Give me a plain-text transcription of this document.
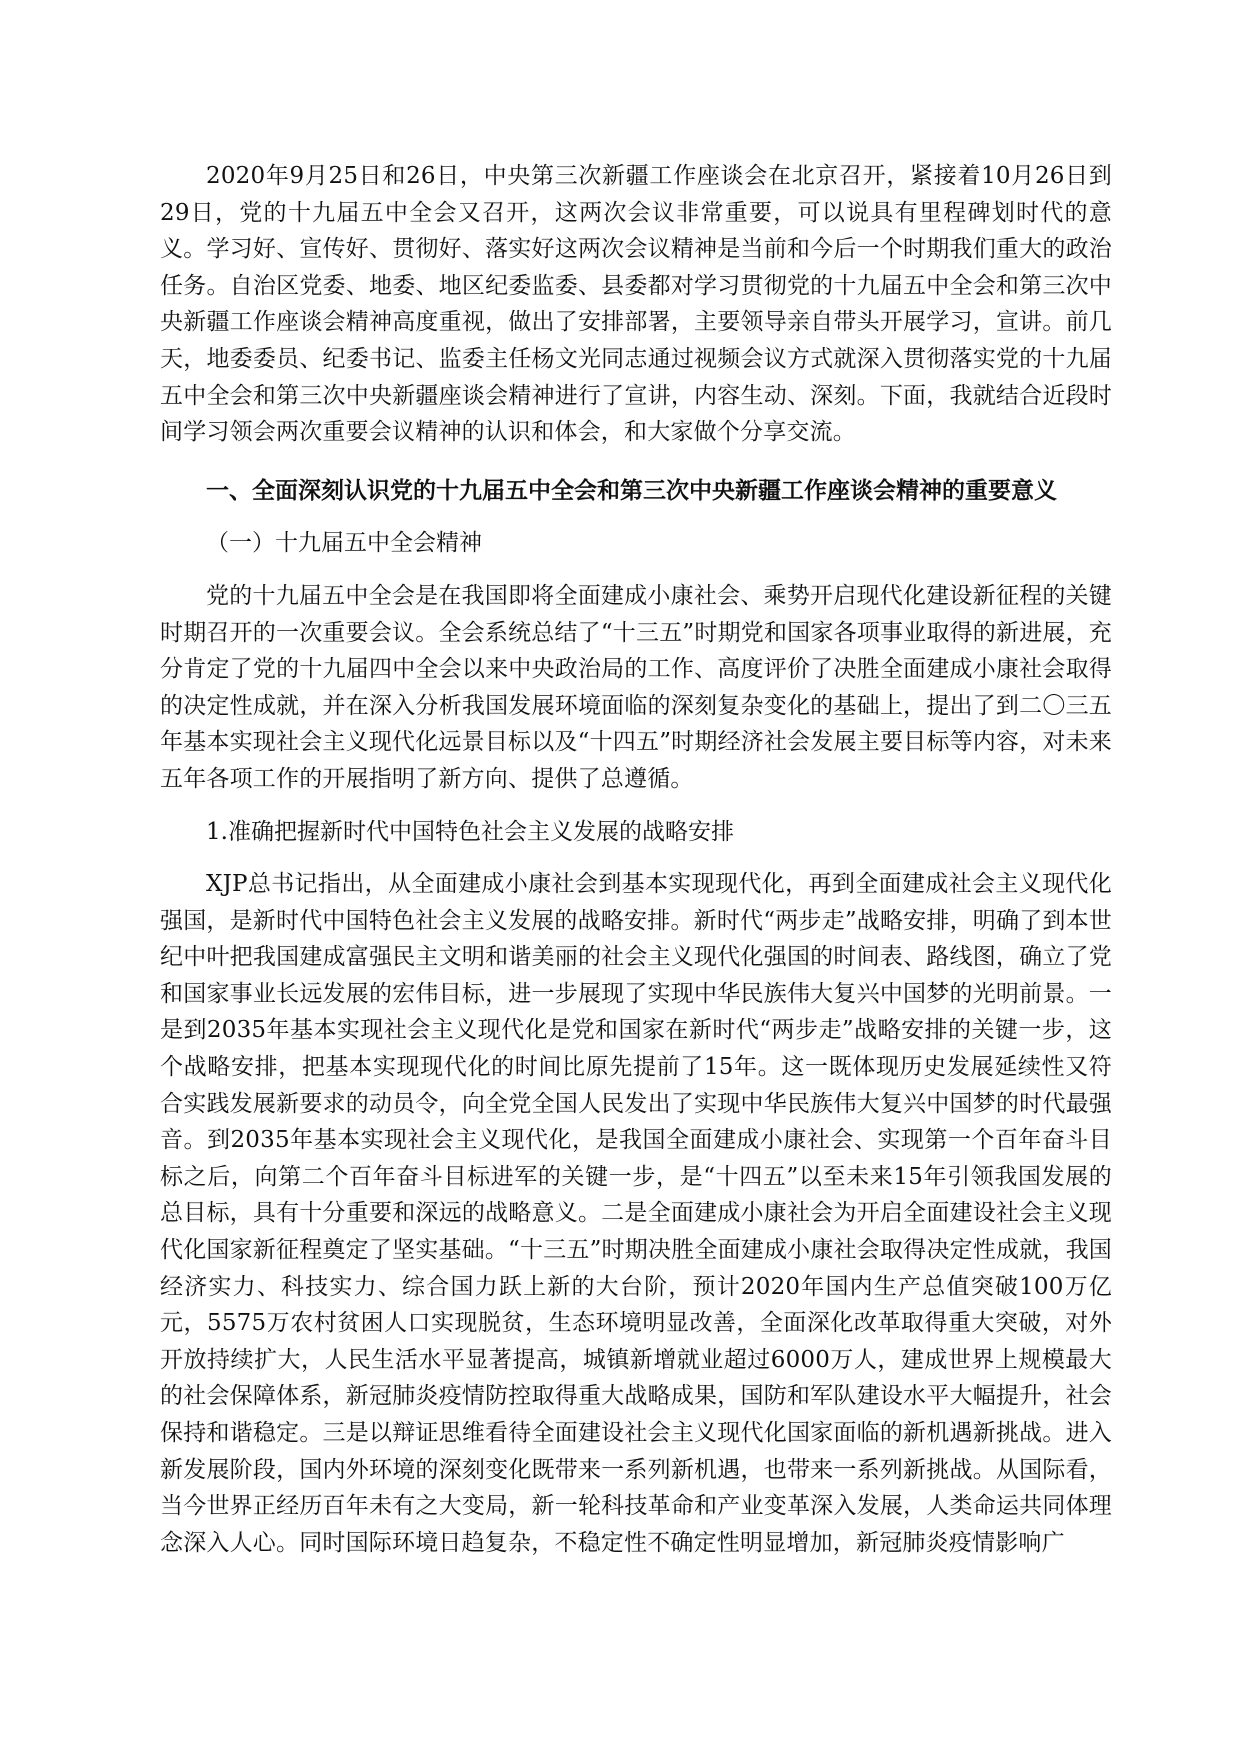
2020年9月25日和26日，中央第三次新疆工作座谈会在北京召开，紧接着10月26日到29日，党的十九届五中全会又召开，这两次会议非常重要，可以说具有里程碑划时代的意义。学习好、宣传好、贯彻好、落实好这两次会议精神是当前和今后一个时期我们重大的政治任务。自治区党委、地委、地区纪委监委、县委都对学习贯彻党的十九届五中全会和第三次中央新疆工作座谈会精神高度重视，做出了安排部署，主要领导亲自带头开展学习，宣讲。前几天，地委委员、纪委书记、监委主任杨文光同志通过视频会议方式就深入贯彻落实党的十九届五中全会和第三次中央新疆座谈会精神进行了宣讲，内容生动、深刻。下面，我就结合近段时间学习领会两次重要会议精神的认识和体会，和大家做个分享交流。

一、全面深刻认识党的十九届五中全会和第三次中央新疆工作座谈会精神的重要意义

（一）十九届五中全会精神

党的十九届五中全会是在我国即将全面建成小康社会、乘势开启现代化建设新征程的关键时期召开的一次重要会议。全会系统总结了“十三五”时期党和国家各项事业取得的新进展，充分肯定了党的十九届四中全会以来中央政治局的工作、高度评价了决胜全面建成小康社会取得的决定性成就，并在深入分析我国发展环境面临的深刻复杂变化的基础上，提出了到二〇三五年基本实现社会主义现代化远景目标以及“十四五”时期经济社会发展主要目标等内容，对未来五年各项工作的开展指明了新方向、提供了总遵循。

1.准确把握新时代中国特色社会主义发展的战略安排

XJP总书记指出，从全面建成小康社会到基本实现现代化，再到全面建成社会主义现代化强国，是新时代中国特色社会主义发展的战略安排。新时代“两步走”战略安排，明确了到本世纪中叶把我国建成富强民主文明和谐美丽的社会主义现代化强国的时间表、路线图，确立了党和国家事业长远发展的宏伟目标，进一步展现了实现中华民族伟大复兴中国梦的光明前景。一是到2035年基本实现社会主义现代化是党和国家在新时代“两步走”战略安排的关键一步，这个战略安排，把基本实现现代化的时间比原先提前了15年。这一既体现历史发展延续性又符合实践发展新要求的动员令，向全党全国人民发出了实现中华民族伟大复兴中国梦的时代最强音。到2035年基本实现社会主义现代化，是我国全面建成小康社会、实现第一个百年奋斗目标之后，向第二个百年奋斗目标进军的关键一步，是“十四五”以至未来15年引领我国发展的总目标，具有十分重要和深远的战略意义。二是全面建成小康社会为开启全面建设社会主义现代化国家新征程奠定了坚实基础。“十三五”时期决胜全面建成小康社会取得决定性成就，我国经济实力、科技实力、综合国力跃上新的大台阶，预计2020年国内生产总值突破100万亿元，5575万农村贫困人口实现脱贫，生态环境明显改善，全面深化改革取得重大突破，对外开放持续扩大，人民生活水平显著提高，城镇新增就业超过6000万人，建成世界上规模最大的社会保障体系，新冠肺炎疫情防控取得重大战略成果，国防和军队建设水平大幅提升，社会保持和谐稳定。三是以辩证思维看待全面建设社会主义现代化国家面临的新机遇新挑战。进入新发展阶段，国内外环境的深刻变化既带来一系列新机遇，也带来一系列新挑战。从国际看，当今世界正经历百年未有之大变局，新一轮科技革命和产业变革深入发展，人类命运共同体理念深入人心。同时国际环境日趋复杂，不稳定性不确定性明显增加，新冠肺炎疫情影响广
